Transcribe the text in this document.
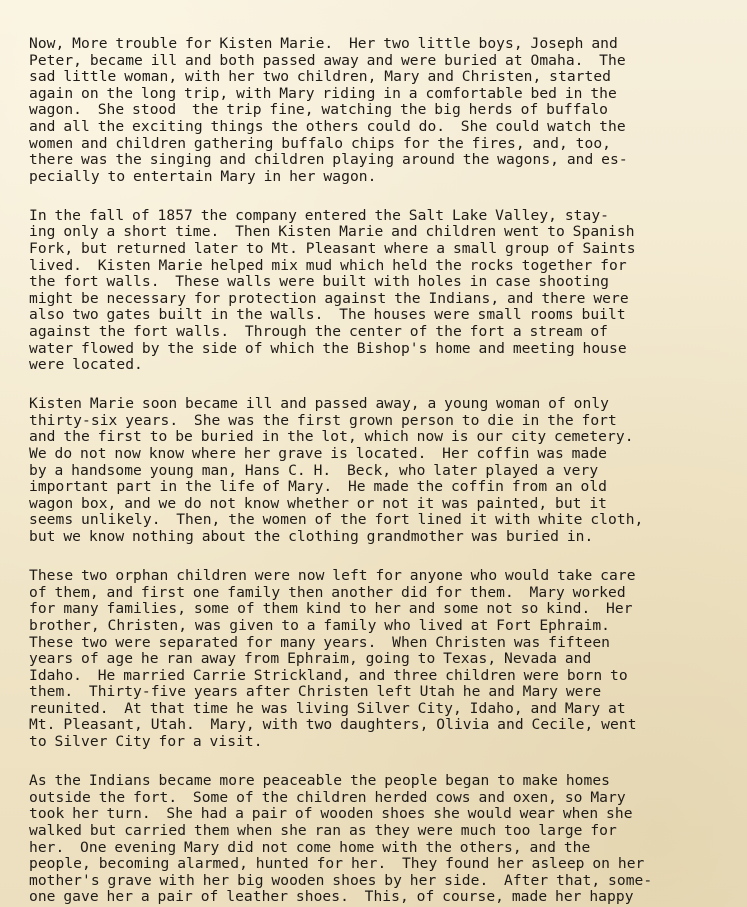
Now, More trouble for Kisten Marie.  Her two little boys, Joseph and
Peter, became ill and both passed away and were buried at Omaha.  The
sad little woman, with her two children, Mary and Christen, started
again on the long trip, with Mary riding in a comfortable bed in the
wagon.  She stood  the trip fine, watching the big herds of buffalo
and all the exciting things the others could do.  She could watch the
women and children gathering buffalo chips for the fires, and, too,
there was the singing and children playing around the wagons, and es-
pecially to entertain Mary in her wagon.
In the fall of 1857 the company entered the Salt Lake Valley, stay-
ing only a short time.  Then Kisten Marie and children went to Spanish
Fork, but returned later to Mt. Pleasant where a small group of Saints
lived.  Kisten Marie helped mix mud which held the rocks together for
the fort walls.  These walls were built with holes in case shooting
might be necessary for protection against the Indians, and there were
also two gates built in the walls.  The houses were small rooms built
against the fort walls.  Through the center of the fort a stream of
water flowed by the side of which the Bishop's home and meeting house
were located.
Kisten Marie soon became ill and passed away, a young woman of only
thirty-six years.  She was the first grown person to die in the fort
and the first to be buried in the lot, which now is our city cemetery.
We do not now know where her grave is located.  Her coffin was made
by a handsome young man, Hans C. H.  Beck, who later played a very
important part in the life of Mary.  He made the coffin from an old
wagon box, and we do not know whether or not it was painted, but it
seems unlikely.  Then, the women of the fort lined it with white cloth,
but we know nothing about the clothing grandmother was buried in.
These two orphan children were now left for anyone who would take care
of them, and first one family then another did for them.  Mary worked
for many families, some of them kind to her and some not so kind.  Her
brother, Christen, was given to a family who lived at Fort Ephraim.
These two were separated for many years.  When Christen was fifteen
years of age he ran away from Ephraim, going to Texas, Nevada and
Idaho.  He married Carrie Strickland, and three children were born to
them.  Thirty-five years after Christen left Utah he and Mary were
reunited.  At that time he was living Silver City, Idaho, and Mary at
Mt. Pleasant, Utah.  Mary, with two daughters, Olivia and Cecile, went
to Silver City for a visit.
As the Indians became more peaceable the people began to make homes
outside the fort.  Some of the children herded cows and oxen, so Mary
took her turn.  She had a pair of wooden shoes she would wear when she
walked but carried them when she ran as they were much too large for
her.  One evening Mary did not come home with the others, and the
people, becoming alarmed, hunted for her.  They found her asleep on her
mother's grave with her big wooden shoes by her side.  After that, some-
one gave her a pair of leather shoes.  This, of course, made her happy
